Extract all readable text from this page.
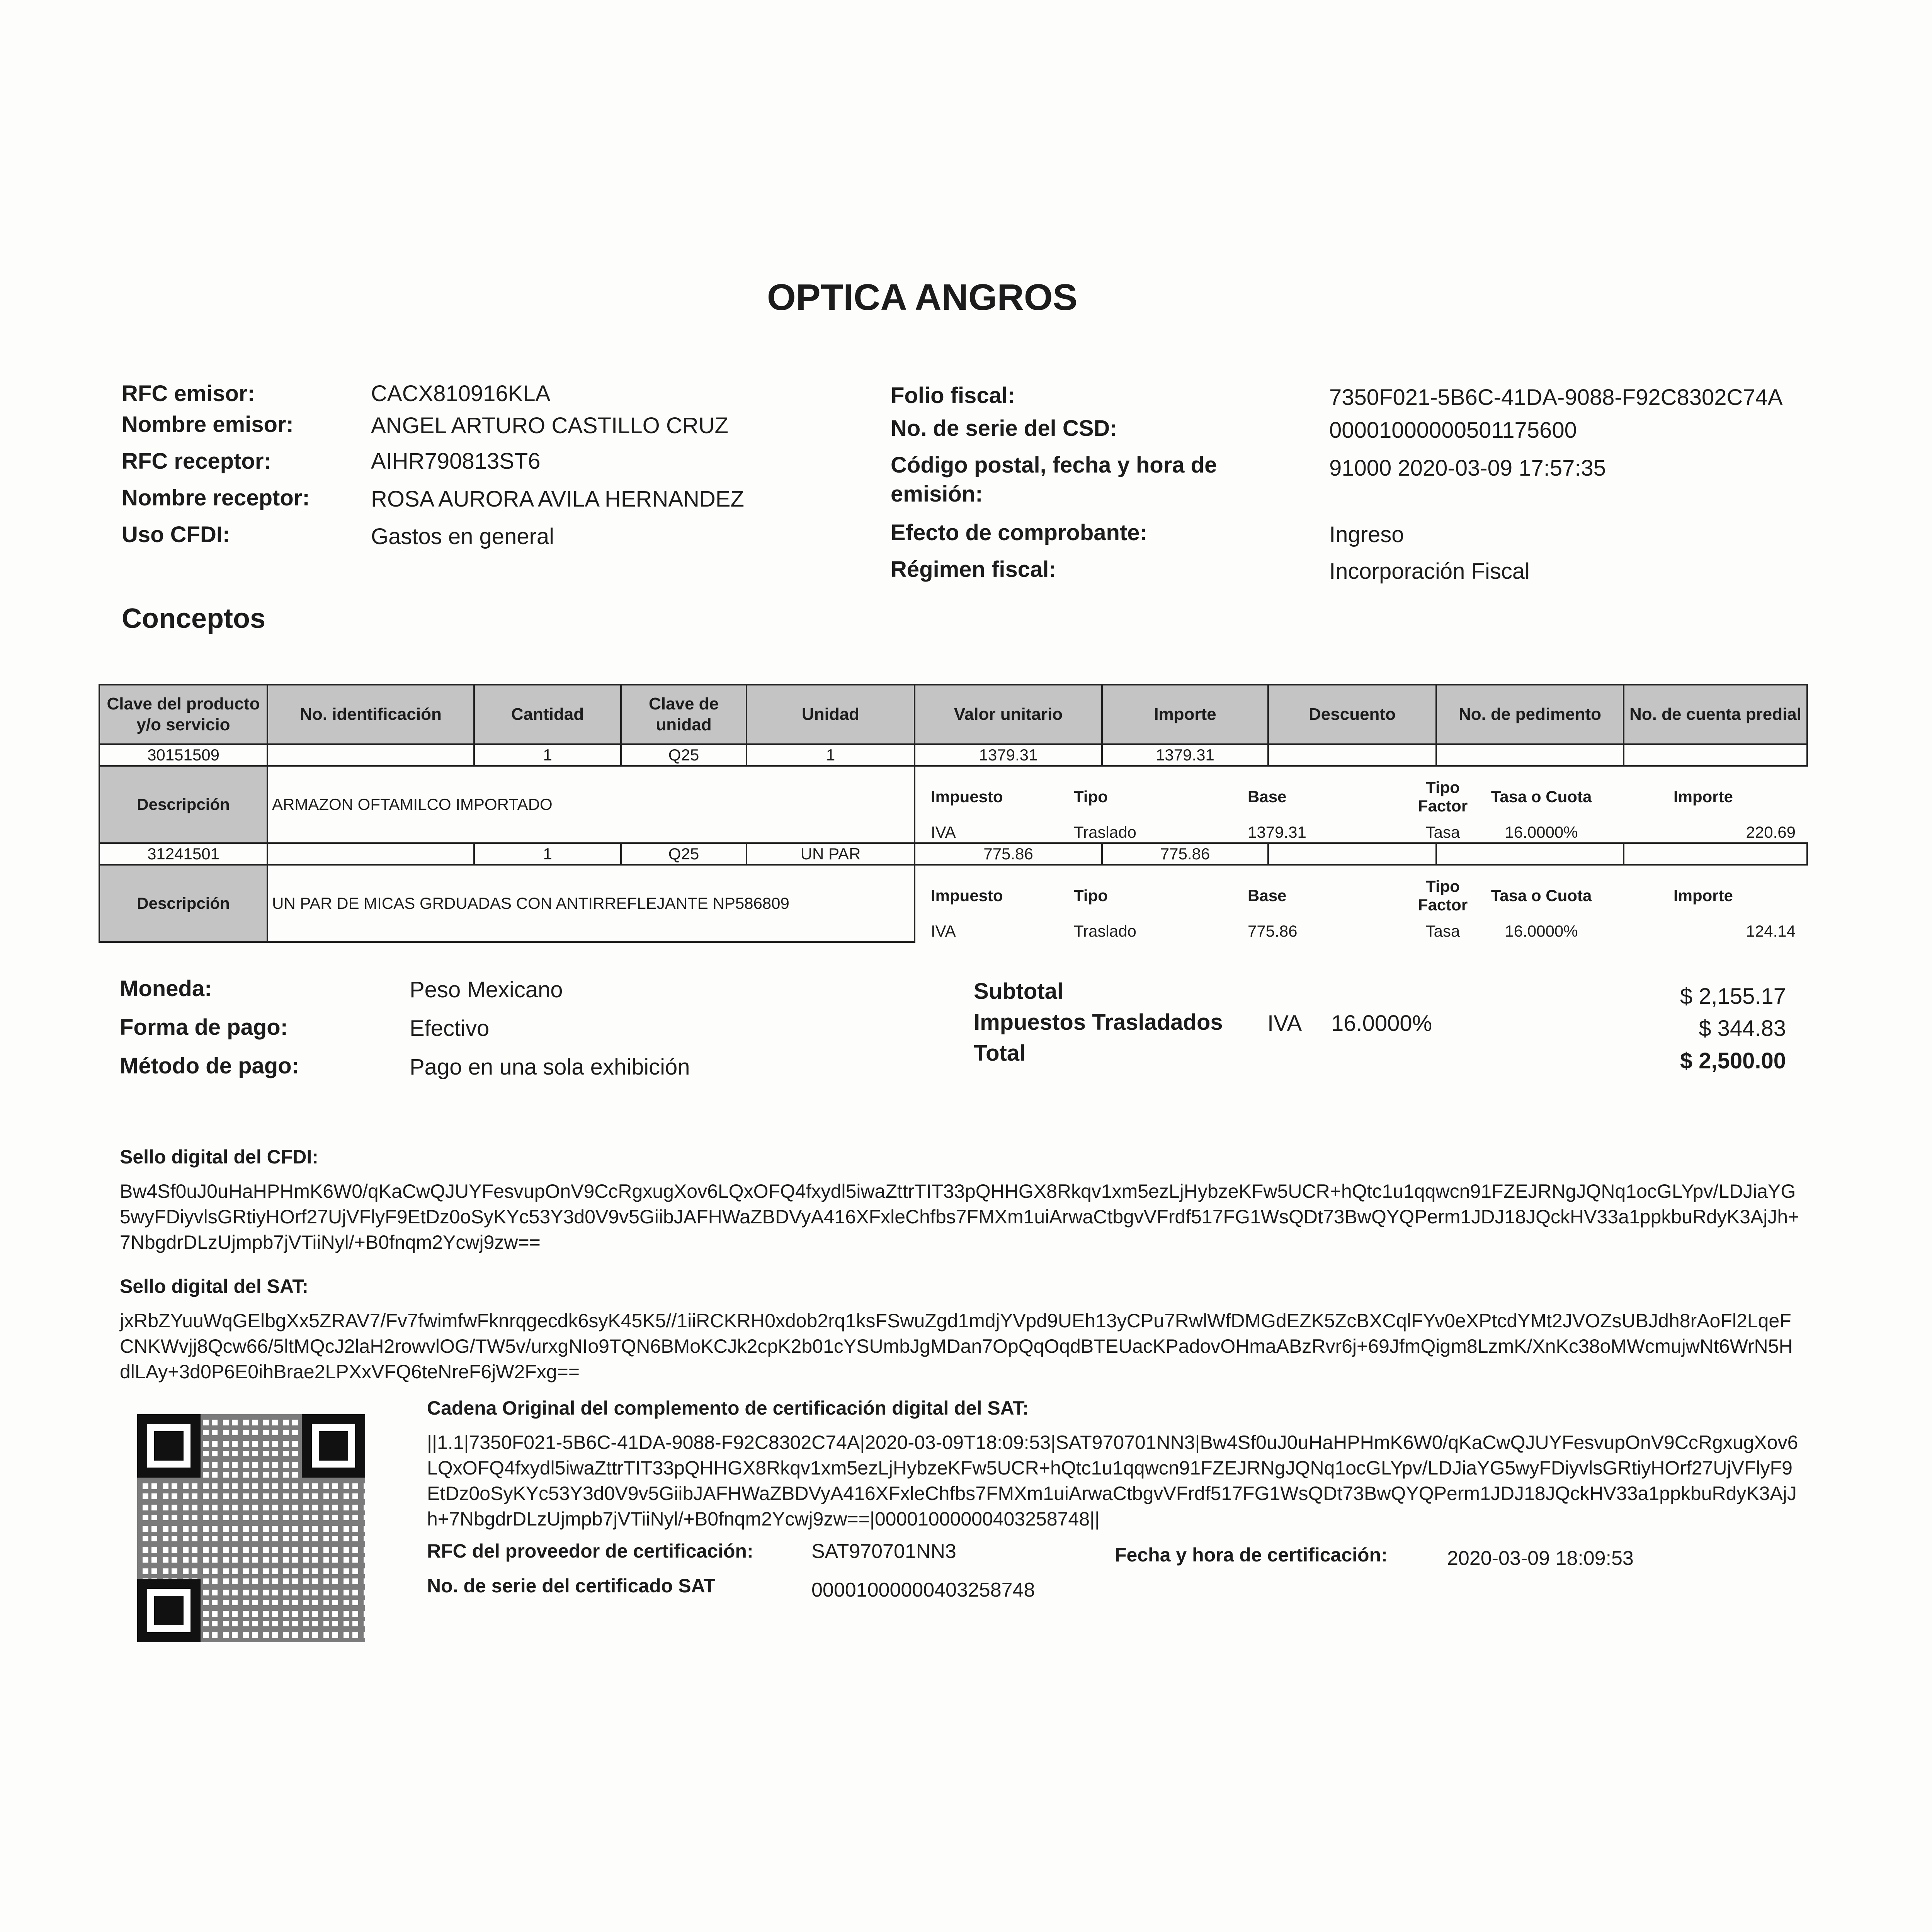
OPTICA ANGROS
RFC emisor:	CACX810916KLA
Nombre emisor:	ANGEL ARTURO CASTILLO CRUZ
RFC receptor:	AIHR790813ST6
Nombre receptor:	ROSA AURORA AVILA HERNANDEZ
Uso CFDI:	Gastos en general
Folio fiscal:	7350F021-5B6C-41DA-9088-F92C8302C74A
No. de serie del CSD:	00001000000501175600
Código postal, fecha y hora de
emisión:
91000 2020-03-09 17:57:35
Efecto de comprobante:	Ingreso
Régimen fiscal:	Incorporación Fiscal
Conceptos
Clave del producto y/o servicio	No. identificación	Cantidad	Clave de unidad	Unidad	Valor unitario	Importe	Descuento	No. de pedimento	No. de cuenta predial
30151509		1	Q25	1	1379.31	1379.31			
Descripción	ARMAZON OFTAMILCO IMPORTADO		Impuesto	Tipo	Base	Tipo Factor	Tasa o Cuota	Importe
IVA	Traslado	1379.31	Tasa	16.0000%	220.69

31241501		1	Q25	UN PAR	775.86	775.86			
Descripción	UN PAR DE MICAS GRDUADAS CON ANTIRREFLEJANTE NP586809		Impuesto	Tipo	Base	Tipo Factor	Tasa o Cuota	Importe
IVA	Traslado	775.86	Tasa	16.0000%	124.14
Moneda:	Peso Mexicano
Forma de pago:	Efectivo
Método de pago:	Pago en una sola exhibición
Subtotal	$ 2,155.17
Impuestos Trasladados IVA 16.0000%	$ 344.83
Total	$ 2,500.00
Sello digital del CFDI:
Bw4Sf0uJ0uHaHPHmK6W0/qKaCwQJUYFesvupOnV9CcRgxugXov6LQxOFQ4fxydl5iwaZttrTIT33pQHHGX8Rkqv1xm5ezLjHybzeKFw5UCR+hQtc1u1qqwcn91FZEJRNgJQNq1ocGLYpv/LDJiaYG5wyFDiyvlsGRtiyHOrf27UjVFlyF9EtDz0oSyKYc53Y3d0V9v5GiibJAFHWaZBDVyA416XFxleChfbs7FMXm1uiArwaCtbgvVFrdf517FG1WsQDt73BwQYQPerm1JDJ18JQckHV33a1ppkbuRdyK3AjJh+7NbgdrDLzUjmpb7jVTiiNyl/+B0fnqm2Ycwj9zw==
Sello digital del SAT:
jxRbZYuuWqGElbgXx5ZRAV7/Fv7fwimfwFknrqgecdk6syK45K5//1iiRCKRH0xdob2rq1ksFSwuZgd1mdjYVpd9UEh13yCPu7RwlWfDMGdEZK5ZcBXCqlFYv0eXPtcdYMt2JVOZsUBJdh8rAoFl2LqeFCNKWvjj8Qcw66/5ltMQcJ2laH2rowvlOG/TW5v/urxgNIo9TQN6BMoKCJk2cpK2b01cYSUmbJgMDan7OpQqOqdBTEUacKPadovOHmaABzRvr6j+69JfmQigm8LzmK/XnKc38oMWcmujwNt6WrN5HdlLAy+3d0P6E0ihBrae2LPXxVFQ6teNreF6jW2Fxg==
Cadena Original del complemento de certificación digital del SAT:
||1.1|7350F021-5B6C-41DA-9088-F92C8302C74A|2020-03-09T18:09:53|SAT970701NN3|Bw4Sf0uJ0uHaHPHmK6W0/qKaCwQJUYFesvupOnV9CcRgxugXov6LQxOFQ4fxydl5iwaZttrTIT33pQHHGX8Rkqv1xm5ezLjHybzeKFw5UCR+hQtc1u1qqwcn91FZEJRNgJQNq1ocGLYpv/LDJiaYG5wyFDiyvlsGRtiyHOrf27UjVFlyF9EtDz0oSyKYc53Y3d0V9v5GiibJAFHWaZBDVyA416XFxleChfbs7FMXm1uiArwaCtbgvVFrdf517FG1WsQDt73BwQYQPerm1JDJ18JQckHV33a1ppkbuRdyK3AjJh+7NbgdrDLzUjmpb7jVTiiNyl/+B0fnqm2Ycwj9zw==|00001000000403258748||
RFC del proveedor de certificación:	SAT970701NN3	Fecha y hora de certificación:	2020-03-09 18:09:53
No. de serie del certificado SAT	00001000000403258748
